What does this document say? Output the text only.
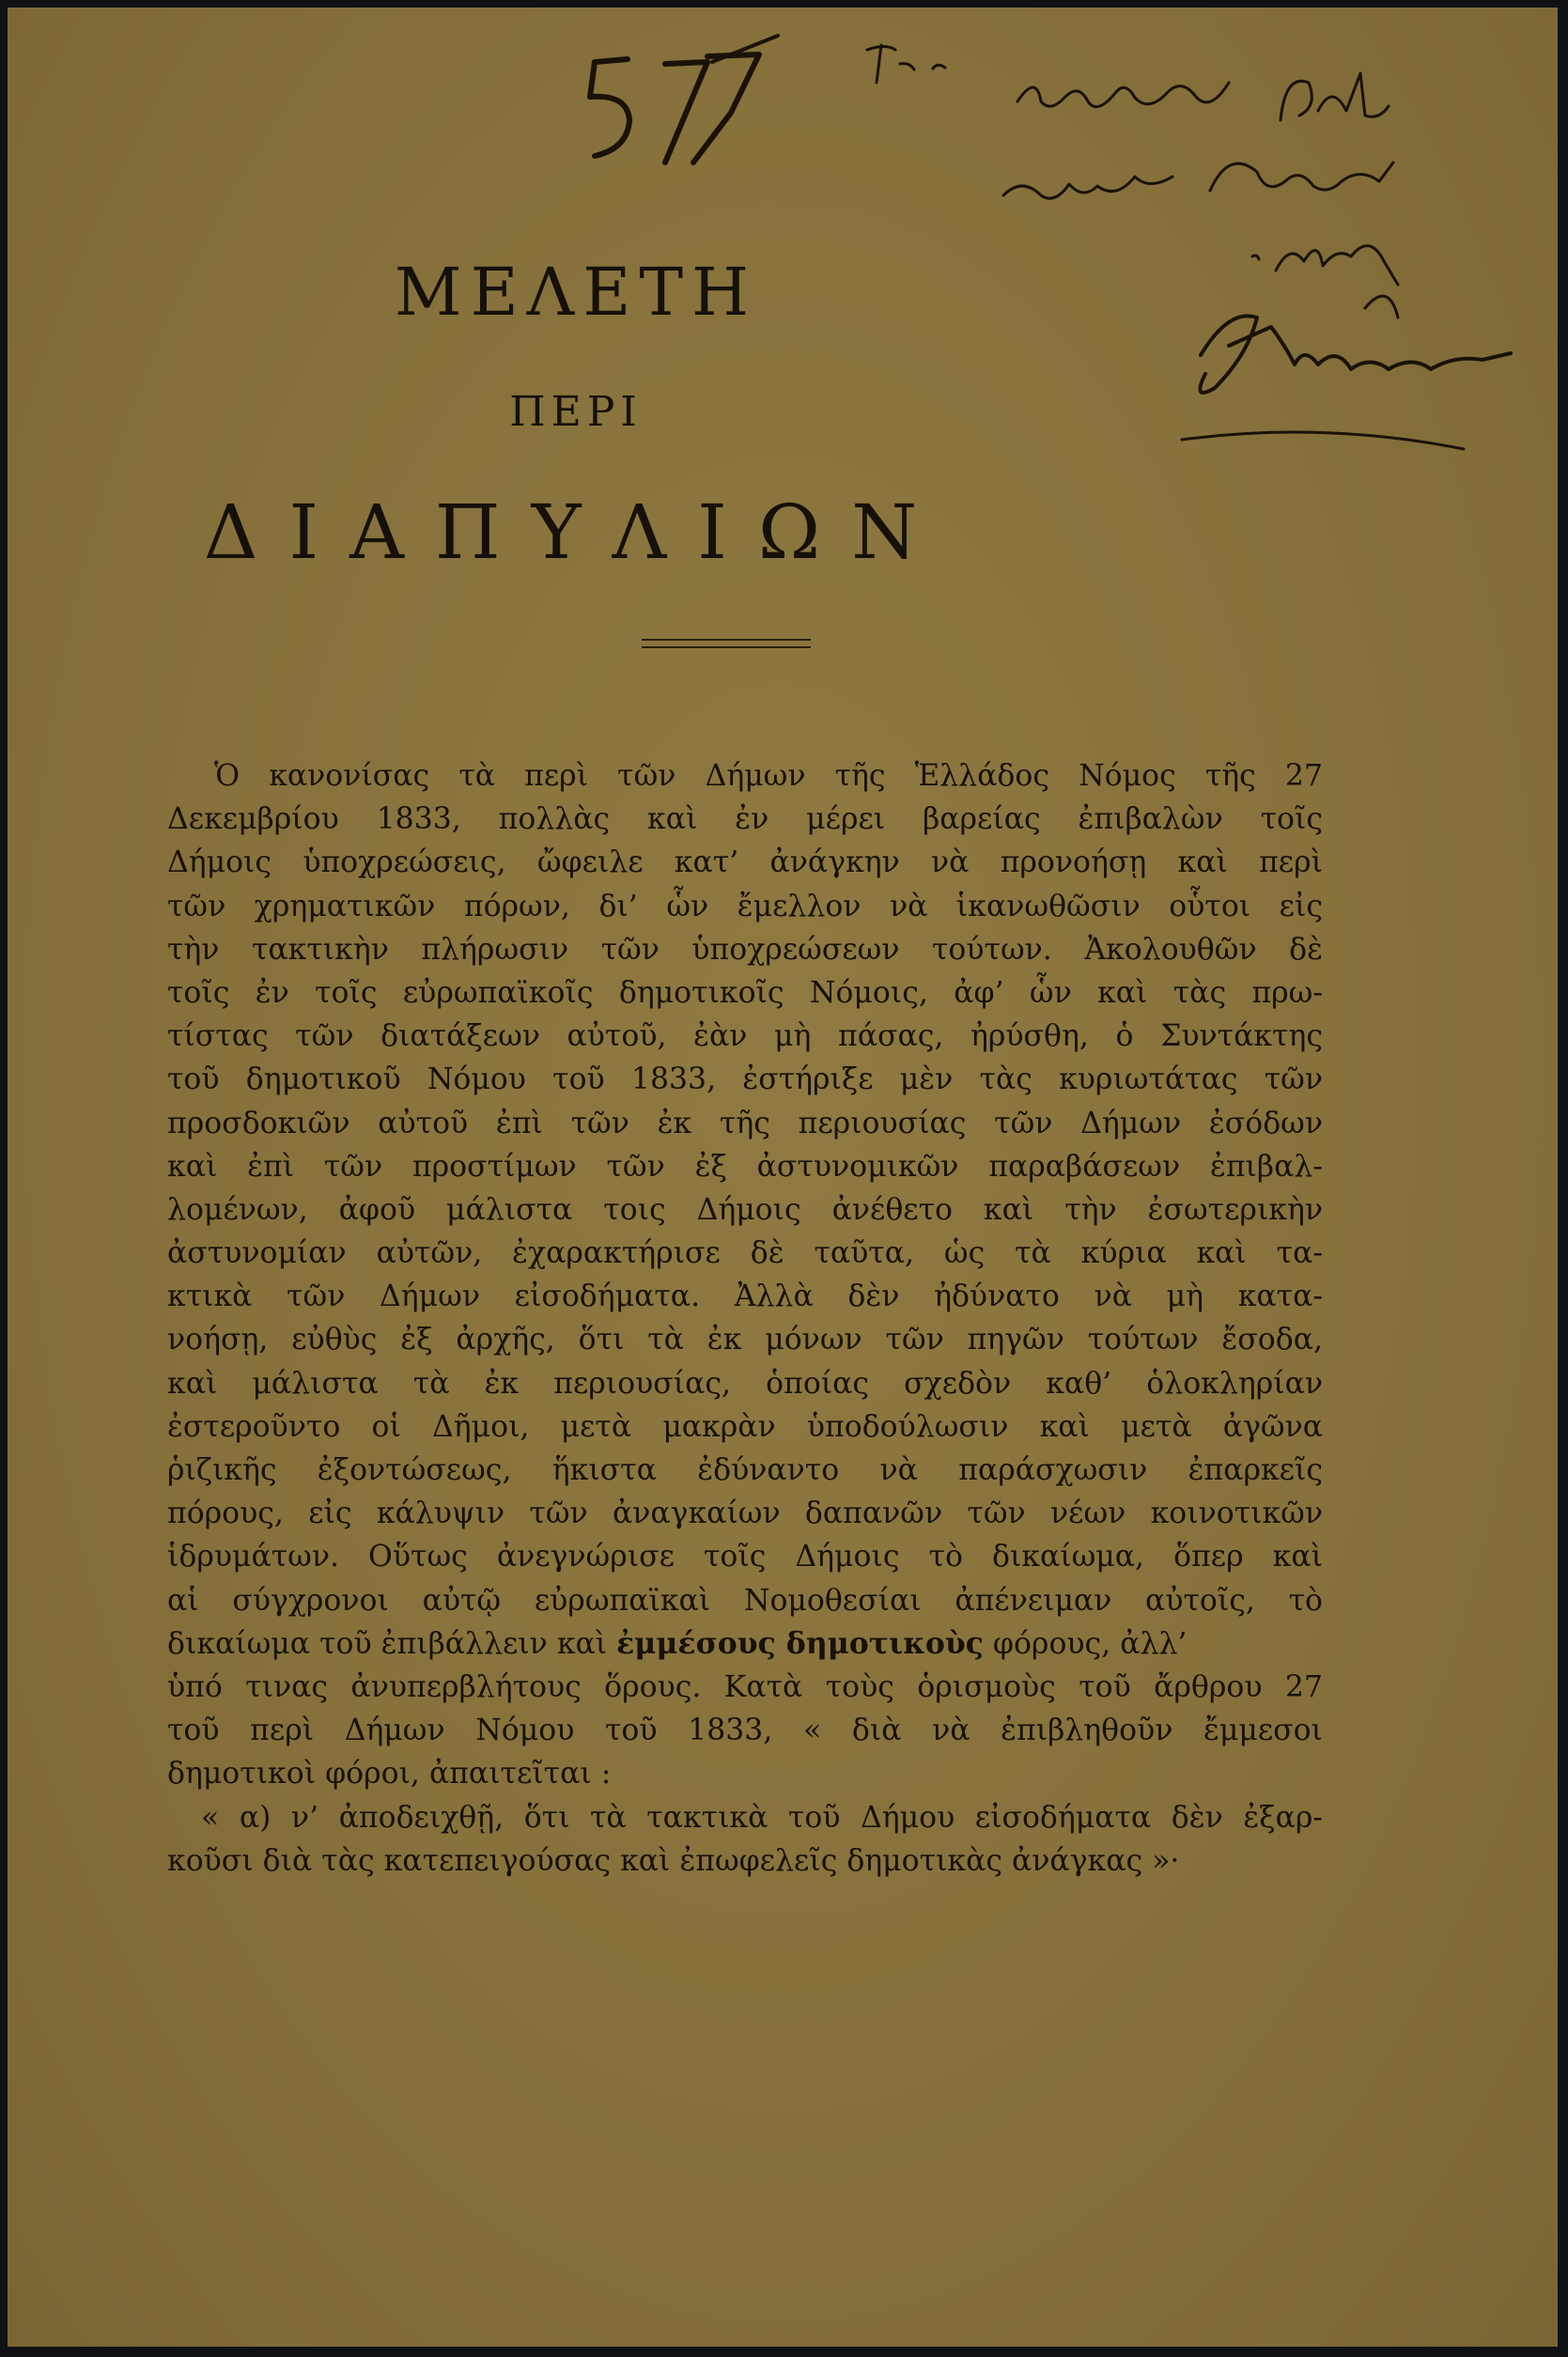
ΜΕΛΕΤΗ
ΠΕΡΙ
ΔΙΑΠΥΛΙΩΝ
Ὁ κανονίσας τὰ περὶ τῶν Δήμων τῆς Ἑλλάδος Νόμος τῆς 27
Δεκεμβρίου 1833, πολλὰς καὶ ἐν μέρει βαρείας ἐπιβαλὼν τοῖς
Δήμοις ὑποχρεώσεις, ὤφειλε κατ’ ἀνάγκην νὰ προνοήσῃ καὶ περὶ
τῶν χρηματικῶν πόρων, δι’ ὧν ἔμελλον νὰ ἱκανωθῶσιν οὗτοι εἰς
τὴν τακτικὴν πλήρωσιν τῶν ὑποχρεώσεων τούτων. Ἀκολουθῶν δὲ
τοῖς ἐν τοῖς εὐρωπαϊκοῖς δημοτικοῖς Νόμοις, ἀφ’ ὧν καὶ τὰς πρω-
τίστας τῶν διατάξεων αὐτοῦ, ἐὰν μὴ πάσας, ἠρύσθη, ὁ Συντάκτης
τοῦ δημοτικοῦ Νόμου τοῦ 1833, ἐστήριξε μὲν τὰς κυριωτάτας τῶν
προσδοκιῶν αὐτοῦ ἐπὶ τῶν ἐκ τῆς περιουσίας τῶν Δήμων ἐσόδων
καὶ ἐπὶ τῶν προστίμων τῶν ἐξ ἀστυνομικῶν παραβάσεων ἐπιβαλ-
λομένων, ἀφοῦ μάλιστα τοις Δήμοις ἀνέθετο καὶ τὴν ἐσωτερικὴν
ἀστυνομίαν αὐτῶν, ἐχαρακτήρισε δὲ ταῦτα, ὡς τὰ κύρια καὶ τα-
κτικὰ τῶν Δήμων εἰσοδήματα. Ἀλλὰ δὲν ἠδύνατο νὰ μὴ κατα-
νοήσῃ, εὐθὺς ἐξ ἀρχῆς, ὅτι τὰ ἐκ μόνων τῶν πηγῶν τούτων ἔσοδα,
καὶ μάλιστα τὰ ἐκ περιουσίας, ὁποίας σχεδὸν καθ’ ὁλοκληρίαν
ἐστεροῦντο οἱ Δῆμοι, μετὰ μακρὰν ὑποδούλωσιν καὶ μετὰ ἀγῶνα
ῥιζικῆς ἐξοντώσεως, ἥκιστα ἐδύναντο νὰ παράσχωσιν ἐπαρκεῖς
πόρους, εἰς κάλυψιν τῶν ἀναγκαίων δαπανῶν τῶν νέων κοινοτικῶν
ἱδρυμάτων. Οὕτως ἀνεγνώρισε τοῖς Δήμοις τὸ δικαίωμα, ὅπερ καὶ
αἱ σύγχρονοι αὐτῷ εὐρωπαϊκαὶ Νομοθεσίαι ἀπένειμαν αὐτοῖς, τὸ
δικαίωμα τοῦ ἐπιβάλλειν καὶ ἐμμέσους δημοτικοὺς φόρους, ἀλλ’
ὑπό τινας ἀνυπερβλήτους ὅρους. Κατὰ τοὺς ὁρισμοὺς τοῦ ἄρθρου 27
τοῦ περὶ Δήμων Νόμου τοῦ 1833, « διὰ νὰ ἐπιβληθοῦν ἔμμεσοι
δημοτικοὶ φόροι, ἀπαιτεῖται :
« α) ν’ ἀποδειχθῇ, ὅτι τὰ τακτικὰ τοῦ Δήμου εἰσοδήματα δὲν ἐξαρ-
κοῦσι διὰ τὰς κατεπειγούσας καὶ ἐπωφελεῖς δημοτικὰς ἀνάγκας »·
